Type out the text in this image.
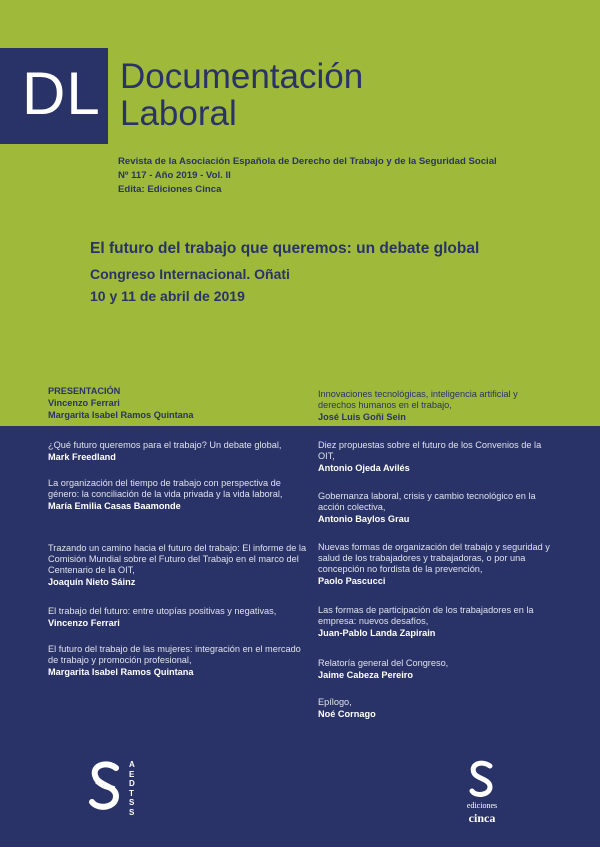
DL Documentación
Laboral
Revista de la Asociación Española de Derecho del Trabajo y de la Seguridad Social
Nº 117 - Año 2019 - Vol. II
Edita: Ediciones Cinca
El futuro del trabajo que queremos: un debate global
Congreso Internacional. Oñati
10 y 11 de abril de 2019
PRESENTACIÓN
Vincenzo Ferrari
Margarita Isabel Ramos Quintana
Innovaciones tecnológicas, inteligencia artificial y derechos humanos en el trabajo,
José Luis Goñi Sein
¿Qué futuro queremos para el trabajo? Un debate global,
Mark Freedland
La organización del tiempo de trabajo con perspectiva de género: la conciliación de la vida privada y la vida laboral,
María Emilia Casas Baamonde
Trazando un camino hacia el futuro del trabajo: El informe de la Comisión Mundial sobre el Futuro del Trabajo en el marco del Centenario de la OIT,
Joaquín Nieto Sáinz
El trabajo del futuro: entre utopías positivas y negativas,
Vincenzo Ferrari
El futuro del trabajo de las mujeres: integración en el mercado de trabajo y promoción profesional,
Margarita Isabel Ramos Quintana
Diez propuestas sobre el futuro de los Convenios de la OIT,
Antonio Ojeda Avilés
Gobernanza laboral, crisis y cambio tecnológico en la acción colectiva,
Antonio Baylos Grau
Nuevas formas de organización del trabajo y seguridad y salud de los trabajadores y trabajadoras, o por una concepción no fordista de la prevención,
Paolo Pascucci
Las formas de participación de los trabajadores en la empresa: nuevos desafíos,
Juan-Pablo Landa Zapirain
Relatoría general del Congreso,
Jaime Cabeza Pereiro
Epílogo,
Noé Cornago
AEDTSS
ediciones
cinca
